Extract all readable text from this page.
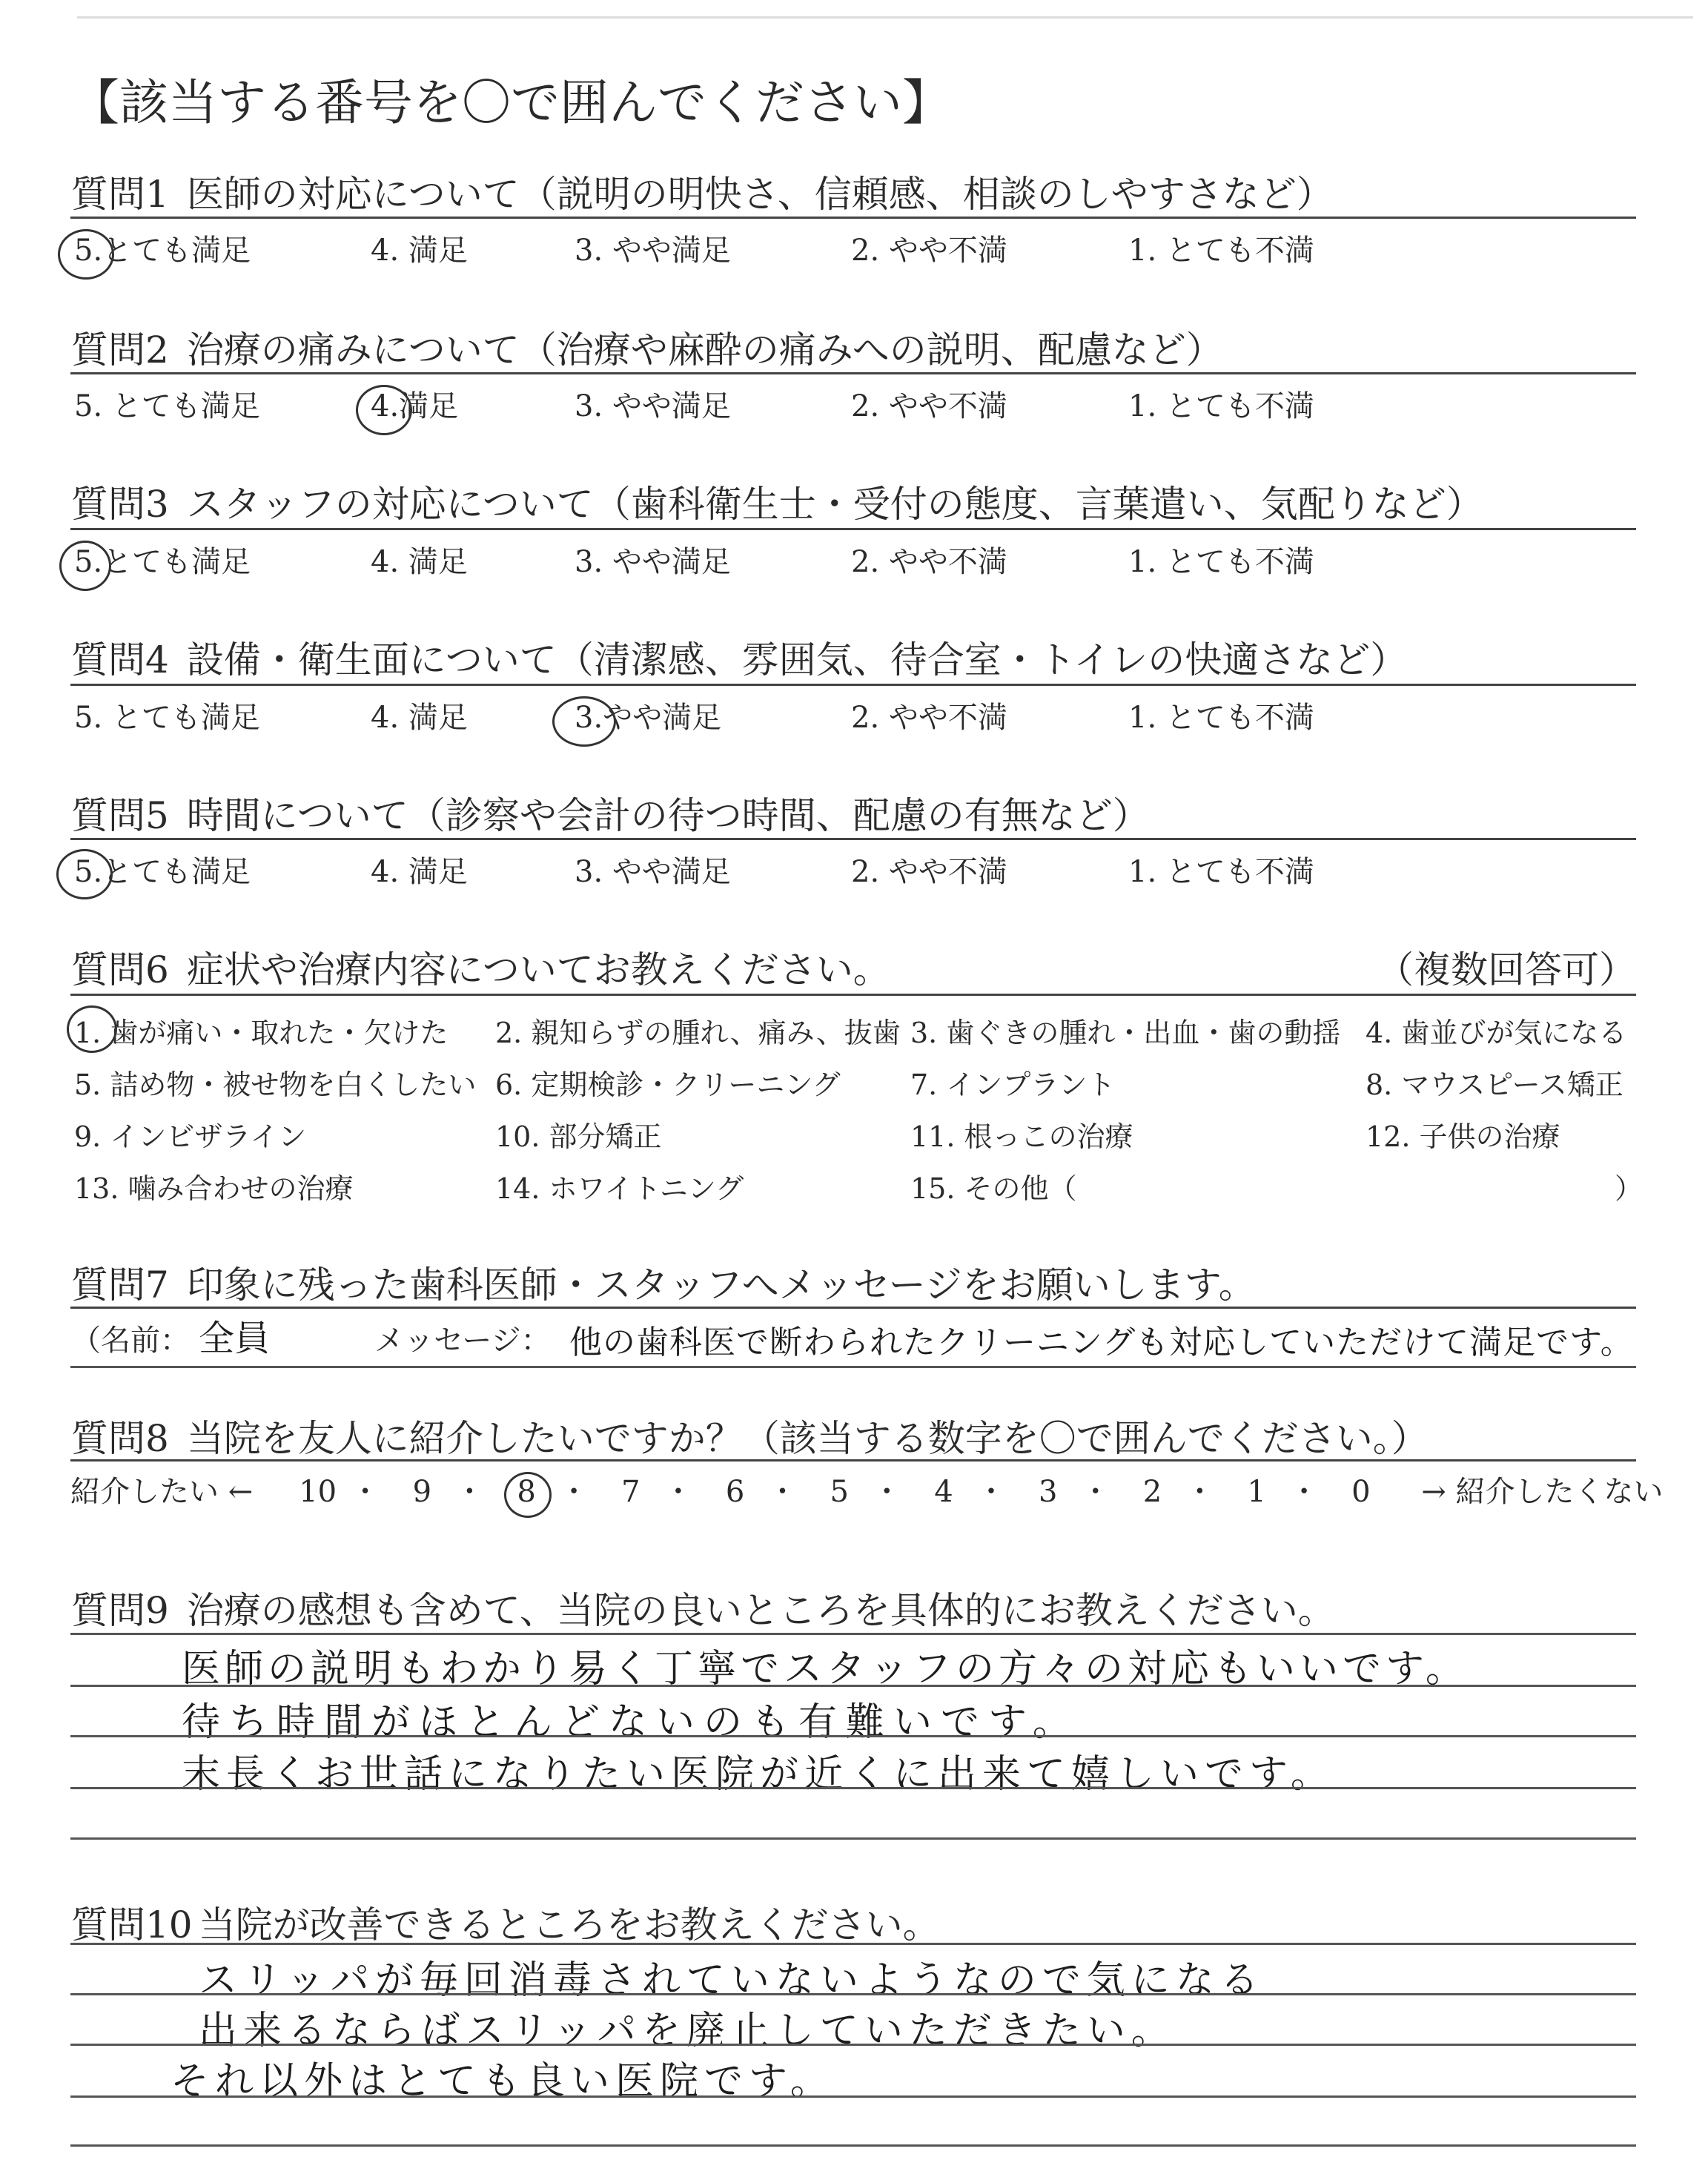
【該当する番号を〇で囲んでください】
質問1 医師の対応について（説明の明快さ、信頼感、相談のしやすさなど）
5.
とても満足	4. 満足	3. やや満足	2. やや不満	1. とても不満
質問2 治療の痛みについて（治療や麻酔の痛みへの説明、配慮など）
5. とても満足	4.
満足	3. やや満足	2. やや不満	1. とても不満
質問3 スタッフの対応について（歯科衛生士・受付の態度、言葉遣い、気配りなど）
5.
とても満足	4. 満足	3. やや満足	2. やや不満	1. とても不満
質問4 設備・衛生面について（清潔感、雰囲気、待合室・トイレの快適さなど）
5. とても満足	4. 満足	3.
やや満足	2. やや不満	1. とても不満
質問5 時間について（診察や会計の待つ時間、配慮の有無など）
5.
とても満足	4. 満足	3. やや満足	2. やや不満	1. とても不満
質問6 症状や治療内容についてお教えください。	（複数回答可）
1. 歯が痛い・取れた・欠けた 2. 親知らずの腫れ、痛み、抜歯 3. 歯ぐきの腫れ・出血・歯の動揺 4. 歯並びが気になる
5. 詰め物・被せ物を白くしたい 6. 定期検診・クリーニング 7. インプラント	8. マウスピース矯正
9. インビザライン	10. 部分矯正	11. 根っこの治療	12. 子供の治療
13. 噛み合わせの治療	14. ホワイトニング	15. その他（	）
質問7 印象に残った歯科医師・スタッフへメッセージをお願いします。
（名前： 全員	メッセージ： 他の歯科医で断わられたクリーニングも対応していただけて満足です。
質問8 当院を友人に紹介したいですか？（該当する数字を〇で囲んでください。）
紹介したい ← 10 ・ 9 ・ 8 ・ 7 ・ 6 ・ 5 ・ 4 ・ 3 ・ 2 ・ 1 ・ 0 → 紹介したくない
質問9 治療の感想も含めて、当院の良いところを具体的にお教えください。
医師の説明もわかり易く丁寧でスタッフの方々の対応もいいです。
待ち時間がほとんどないのも有難いです。
末長くお世話になりたい医院が近くに出来て嬉しいです。
質問10 当院が改善できるところをお教えください。
スリッパが毎回消毒されていないようなので気になる
出来るならばスリッパを廃止していただきたい。
それ以外はとても良い医院です。
